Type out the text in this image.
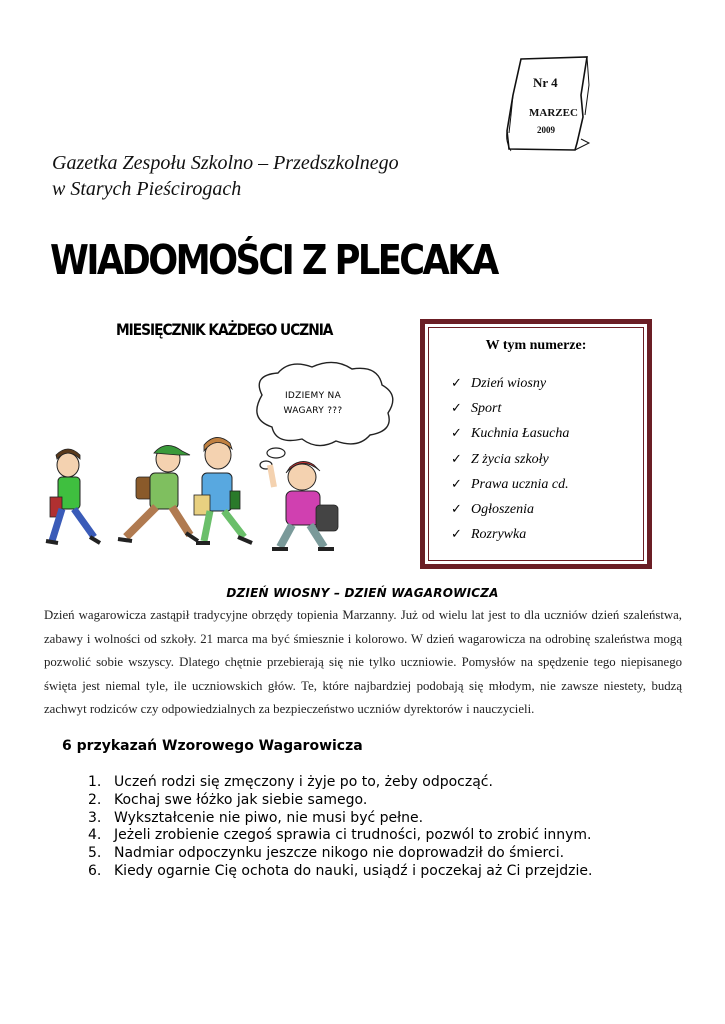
Nr 4
MARZEC
2009
Gazetka Zespołu Szkolno – Przedszkolnego
w Starych Pieścirogach
WIADOMOŚCI Z PLECAKA
MIESIĘCZNIK KAŻDEGO UCZNIA
IDZIEMY NA
WAGARY ???
W tym numerze:
✓ Dzień wiosny
✓ Sport
✓ Kuchnia Łasucha
✓ Z życia szkoły
✓ Prawa ucznia cd.
✓ Ogłoszenia
✓ Rozrywka
DZIEŃ WIOSNY – DZIEŃ WAGAROWICZA

Dzień wagarowicza zastąpił tradycyjne obrzędy topienia Marzanny. Już od wielu lat jest to dla uczniów dzień szaleństwa, zabawy i wolności od szkoły. 21 marca ma być śmiesznie i kolorowo. W dzień wagarowicza na odrobinę szaleństwa mogą pozwolić sobie wszyscy. Dlatego chętnie przebierają się nie tylko uczniowie. Pomysłów na spędzenie tego niepisanego święta jest niemal tyle, ile uczniowskich głów. Te, które najbardziej podobają się młodym, nie zawsze niestety, budzą zachwyt rodziców czy odpowiedzialnych za bezpieczeństwo uczniów dyrektorów i nauczycieli.

6 przykazań Wzorowego Wagarowicza
1. Uczeń rodzi się zmęczony i żyje po to, żeby odpocząć.
2. Kochaj swe łóżko jak siebie samego.
3. Wykształcenie nie piwo, nie musi być pełne.
4. Jeżeli zrobienie czegoś sprawia ci trudności, pozwól to zrobić innym.
5. Nadmiar odpoczynku jeszcze nikogo nie doprowadził do śmierci.
6. Kiedy ogarnie Cię ochota do nauki, usiądź i poczekaj aż Ci przejdzie.
